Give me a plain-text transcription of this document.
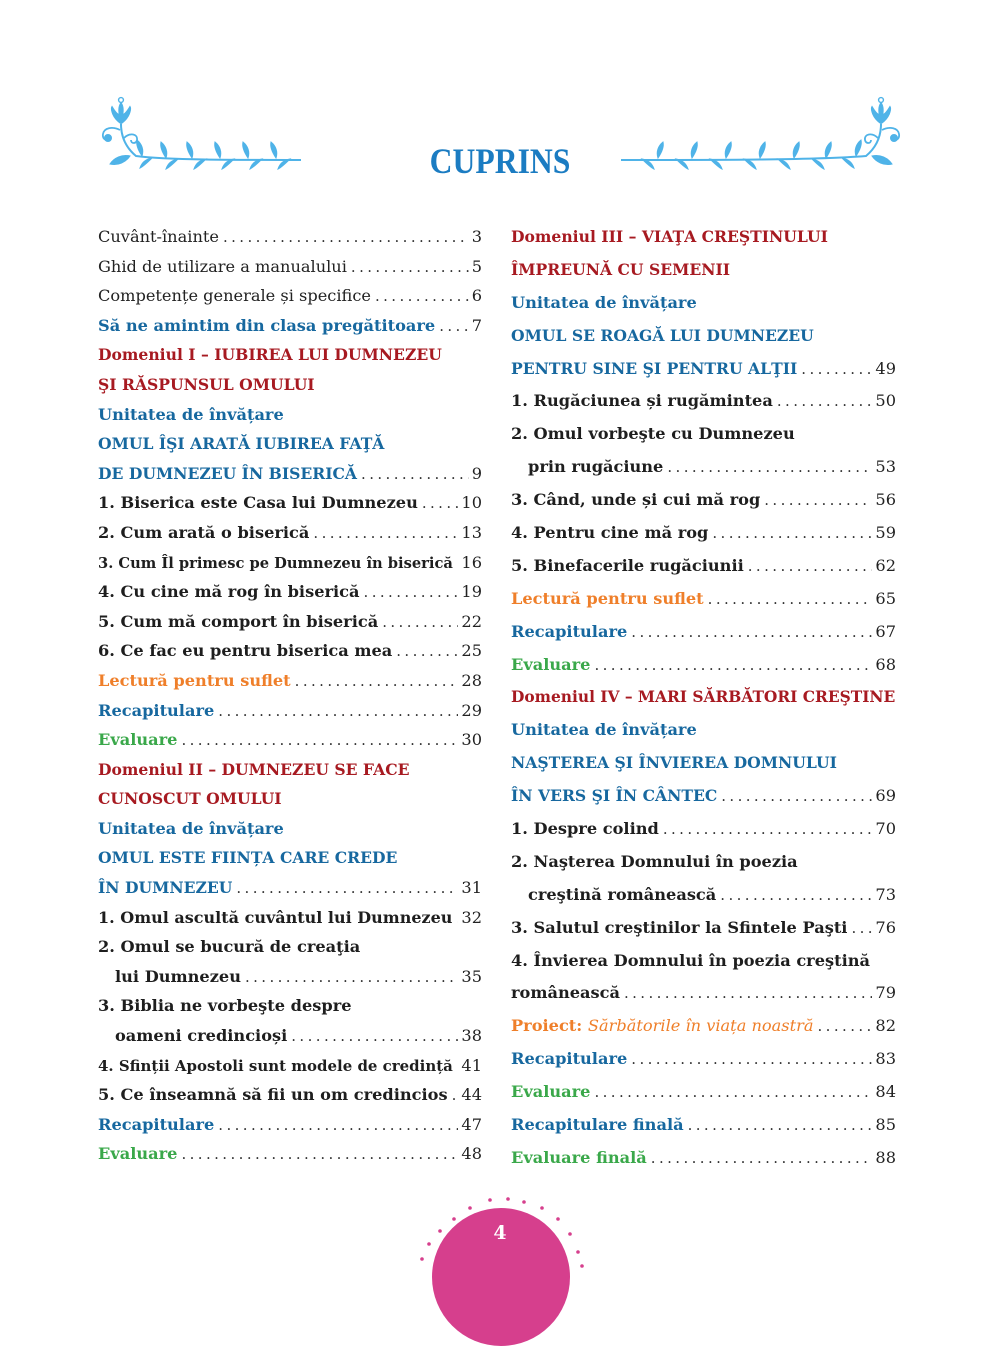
CUPRINS
Cuvânt-înainte .....	3
Ghid de utilizare a manualului .....	5
Competențe generale și specifice .....	6
Să ne amintim din clasa pregătitoare ..... 7
Domeniul I – IUBIREA LUI DUMNEZEU
ŞI RĂSPUNSUL OMULUI
Unitatea de învățare
OMUL ÎŞI ARATĂ IUBIREA FAŢĂ
DE DUMNEZEU ÎN BISERICĂ .....	9
1. Biserica este Casa lui Dumnezeu .....	10
2. Cum arată o biserică .....	13
3. Cum Îl primesc pe Dumnezeu în biserică ..... 16
4. Cu cine mă rog în biserică .....	19
5. Cum mă comport în biserică .....	22
6. Ce fac eu pentru biserica mea .....	25
Lectură pentru suflet .....	28
Recapitulare .....	29
Evaluare .....	30
Domeniul II – DUMNEZEU SE FACE
CUNOSCUT OMULUI
Unitatea de învățare
OMUL ESTE FIINȚA CARE CREDE
ÎN DUMNEZEU .....	31
1. Omul ascultă cuvântul lui Dumnezeu ..... 32
2. Omul se bucură de creaţia
lui Dumnezeu .....	35
3. Biblia ne vorbeşte despre
oameni credincioși .....	38
4. Sfinții Apostoli sunt modele de credință ..... 41
5. Ce înseamnă să fii un om credincios ..... 44
Recapitulare .....	47
Evaluare .....	48
Domeniul III – VIAŢA CREŞTINULUI
ÎMPREUNĂ CU SEMENII
Unitatea de învățare
OMUL SE ROAGĂ LUI DUMNEZEU
PENTRU SINE ŞI PENTRU ALŢII .....	49
1. Rugăciunea și rugămintea .....	50
2. Omul vorbeşte cu Dumnezeu
prin rugăciune .....	53
3. Când, unde și cui mă rog .....	56
4. Pentru cine mă rog .....	59
5. Binefacerile rugăciunii .....	62
Lectură pentru suflet .....	65
Recapitulare .....	67
Evaluare .....	68
Domeniul IV – MARI SĂRBĂTORI CREŞTINE
Unitatea de învățare
NAŞTEREA ŞI ÎNVIEREA DOMNULUI
ÎN VERS ŞI ÎN CÂNTEC .....	69
1. Despre colind .....	70
2. Naşterea Domnului în poezia
creştină românească .....	73
3. Salutul creştinilor la Sfintele Paşti ..... 76
4. Învierea Domnului în poezia creştină
românească .....	79
Proiect: Sărbătorile în viața noastră .....	82
Recapitulare .....	83
Evaluare .....	84
Recapitulare finală .....	85
Evaluare finală .....	88
4
